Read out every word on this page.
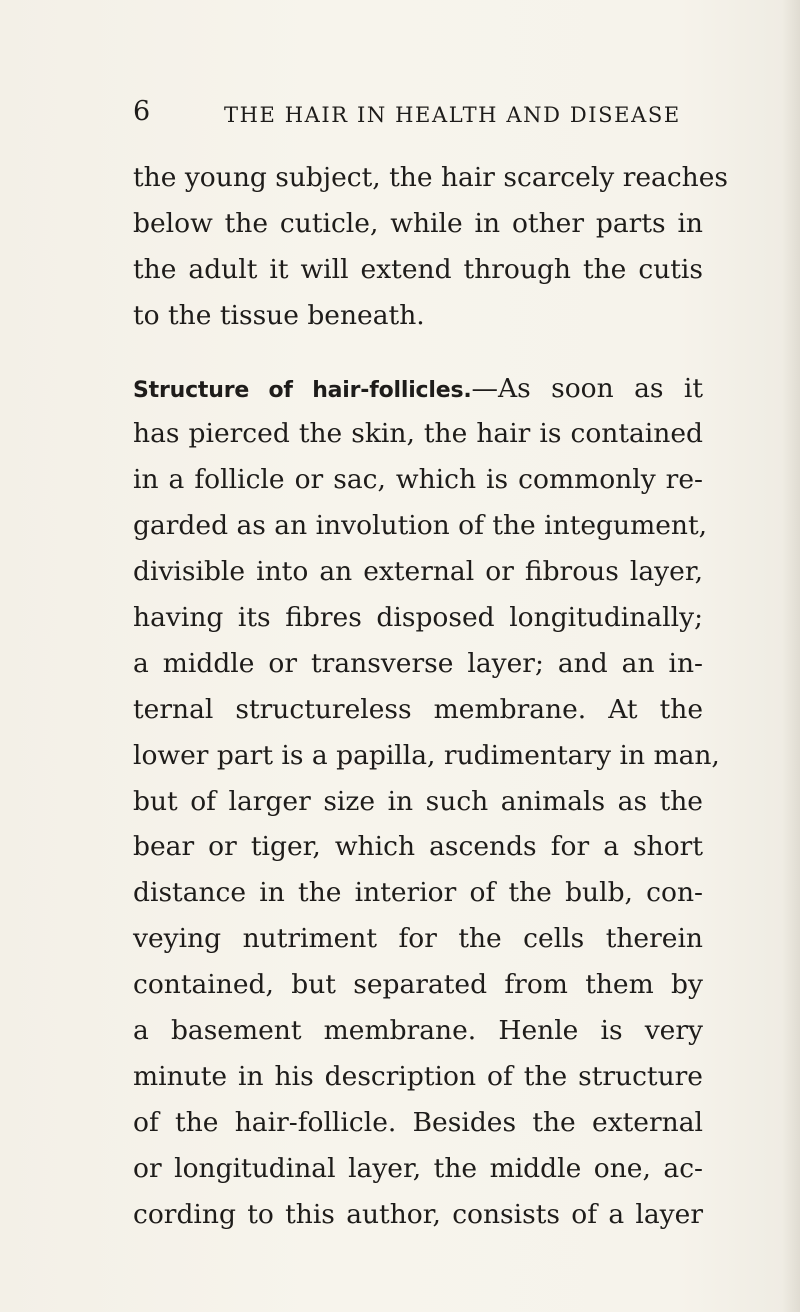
6	THE HAIR IN HEALTH AND DISEASE
the young subject, the hair scarcely reaches
below the cuticle, while in other parts in
the adult it will extend through the cutis
to the tissue beneath.
Structure of hair-follicles.—As soon as it
has pierced the skin, the hair is contained
in a follicle or sac, which is commonly re-
garded as an involution of the integument,
divisible into an external or fibrous layer,
having its fibres disposed longitudinally;
a middle or transverse layer; and an in-
ternal structureless membrane. At the
lower part is a papilla, rudimentary in man,
but of larger size in such animals as the
bear or tiger, which ascends for a short
distance in the interior of the bulb, con-
veying nutriment for the cells therein
contained, but separated from them by
a basement membrane. Henle is very
minute in his description of the structure
of the hair-follicle. Besides the external
or longitudinal layer, the middle one, ac-
cording to this author, consists of a layer
